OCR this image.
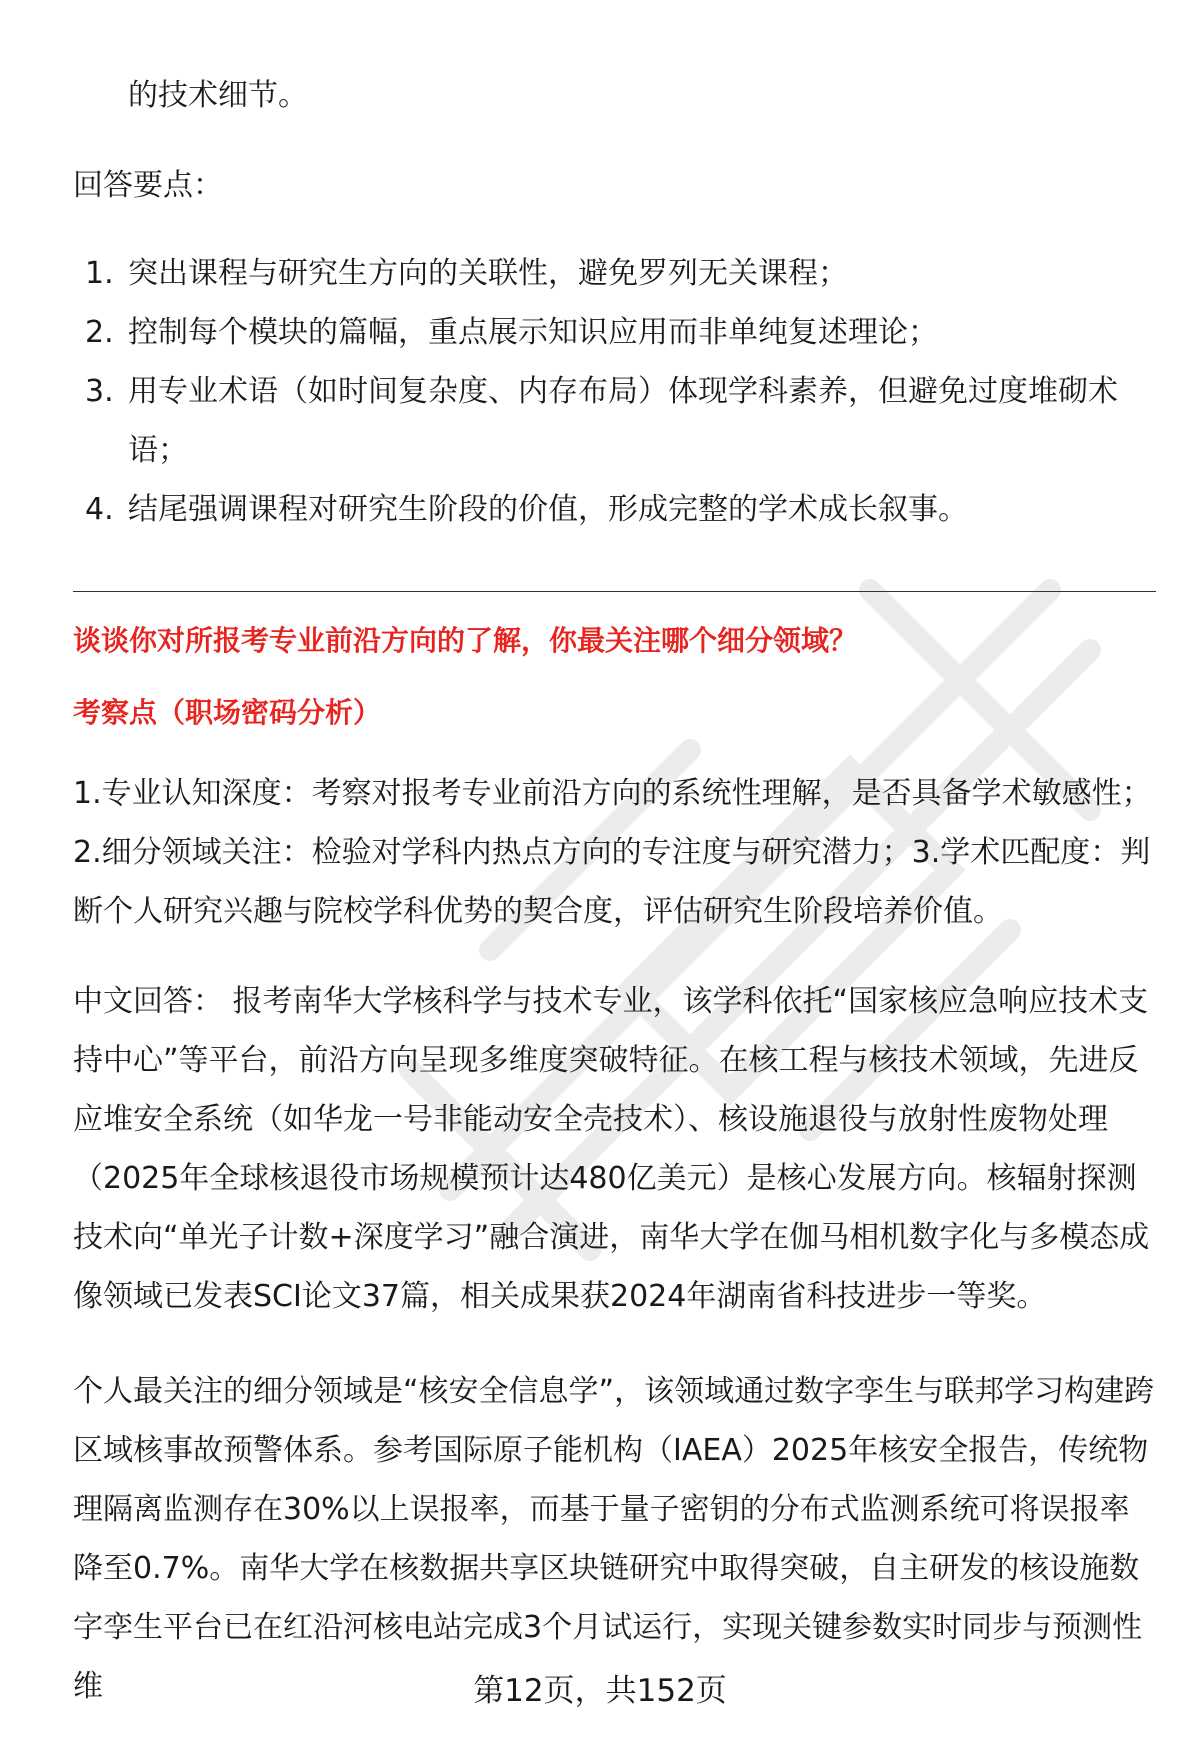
的技术细节。
回答要点：
1. 突出课程与研究生方向的关联性，避免罗列无关课程；
2. 控制每个模块的篇幅，重点展示知识应用而非单纯复述理论；
3. 用专业术语（如时间复杂度、内存布局）体现学科素养，但避免过度堆砌术语；
4. 结尾强调课程对研究生阶段的价值，形成完整的学术成长叙事。
谈谈你对所报考专业前沿方向的了解，你最关注哪个细分领域？
考察点（职场密码分析）

1.专业认知深度：考察对报考专业前沿方向的系统性理解，是否具备学术敏感性；2.细分领域关注：检验对学科内热点方向的专注度与研究潜力；3.学术匹配度：判断个人研究兴趣与院校学科优势的契合度，评估研究生阶段培养价值。

中文回答： 报考南华大学核科学与技术专业，该学科依托“国家核应急响应技术支持中心”等平台，前沿方向呈现多维度突破特征。在核工程与核技术领域，先进反应堆安全系统（如华龙一号非能动安全壳技术）、核设施退役与放射性废物处理（2025年全球核退役市场规模预计达480亿美元）是核心发展方向。核辐射探测技术向“单光子计数+深度学习”融合演进，南华大学在伽马相机数字化与多模态成像领域已发表SCI论文37篇，相关成果获2024年湖南省科技进步一等奖。

个人最关注的细分领域是“核安全信息学”，该领域通过数字孪生与联邦学习构建跨区域核事故预警体系。参考国际原子能机构（IAEA）2025年核安全报告，传统物理隔离监测存在30%以上误报率，而基于量子密钥的分布式监测系统可将误报率降至0.7%。南华大学在核数据共享区块链研究中取得突破，自主研发的核设施数字孪生平台已在红沿河核电站完成3个月试运行，实现关键参数实时同步与预测性维	第12页，共152页
